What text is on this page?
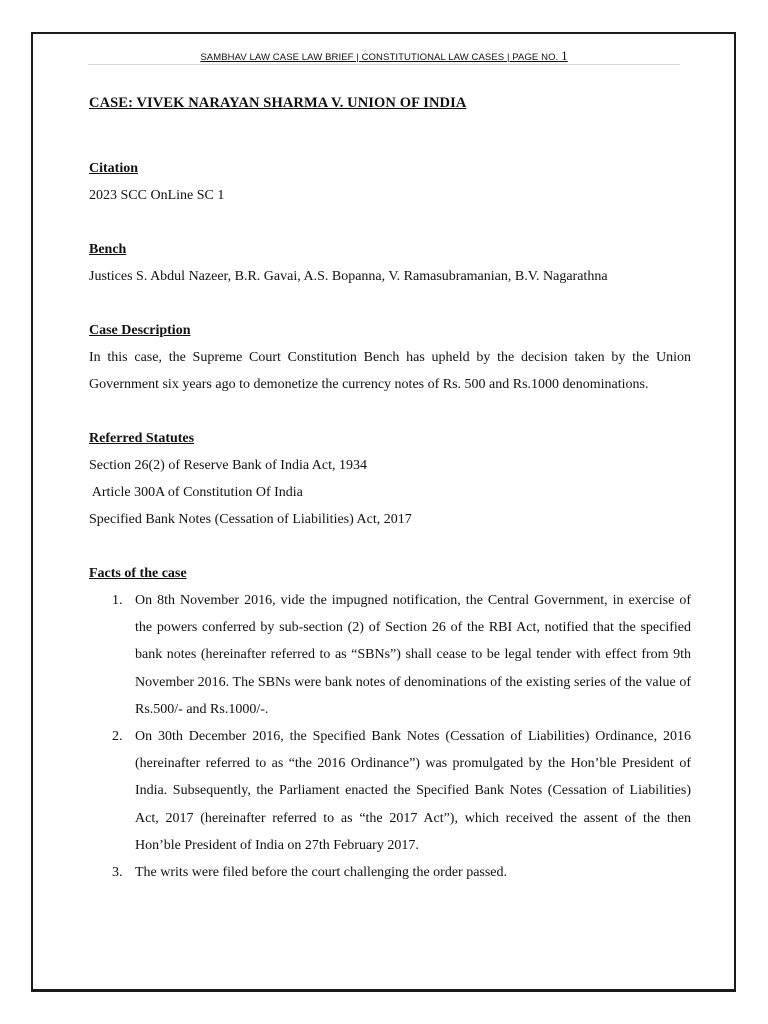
SAMBHAV LAW CASE LAW BRIEF | CONSTITUTIONAL LAW CASES | PAGE NO. 1
CASE: VIVEK NARAYAN SHARMA V. UNION OF INDIA
Citation
2023 SCC OnLine SC 1
Bench
Justices S. Abdul Nazeer, B.R. Gavai, A.S. Bopanna, V. Ramasubramanian, B.V. Nagarathna
Case Description
In this case, the Supreme Court Constitution Bench has upheld by the decision taken by the Union Government six years ago to demonetize the currency notes of Rs. 500 and Rs.1000 denominations.
Referred Statutes
Section 26(2) of Reserve Bank of India Act, 1934
Article 300A of Constitution Of India
Specified Bank Notes (Cessation of Liabilities) Act, 2017
Facts of the case
1. On 8th November 2016, vide the impugned notification, the Central Government, in exercise of the powers conferred by sub-section (2) of Section 26 of the RBI Act, notified that the specified bank notes (hereinafter referred to as “SBNs”) shall cease to be legal tender with effect from 9th November 2016. The SBNs were bank notes of denominations of the existing series of the value of Rs.500/- and Rs.1000/-.
2. On 30th December 2016, the Specified Bank Notes (Cessation of Liabilities) Ordinance, 2016 (hereinafter referred to as “the 2016 Ordinance”) was promulgated by the Hon’ble President of India. Subsequently, the Parliament enacted the Specified Bank Notes (Cessation of Liabilities) Act, 2017 (hereinafter referred to as “the 2017 Act”), which received the assent of the then Hon’ble President of India on 27th February 2017.
3. The writs were filed before the court challenging the order passed.
